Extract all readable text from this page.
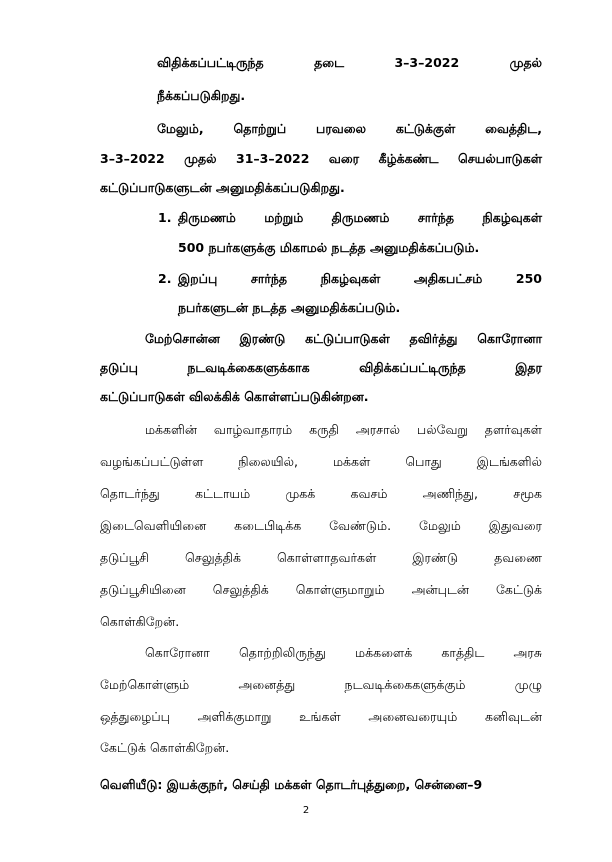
விதிக்கப்பட்டிருந்த தடை 3–3–2022 முதல்
நீக்கப்படுகிறது.
மேலும், தொற்றுப் பரவலை கட்டுக்குள் வைத்திட,
3–3–2022 முதல் 31–3–2022 வரை கீழ்க்கண்ட செயல்பாடுகள்
கட்டுப்பாடுகளுடன் அனுமதிக்கப்படுகிறது.
1. திருமணம் மற்றும் திருமணம் சார்ந்த நிகழ்வுகள்
500 நபர்களுக்கு மிகாமல் நடத்த அனுமதிக்கப்படும்.
2. இறப்பு சார்ந்த நிகழ்வுகள் அதிகபட்சம் 250
நபர்களுடன் நடத்த அனுமதிக்கப்படும்.
மேற்சொன்ன இரண்டு கட்டுப்பாடுகள் தவிர்த்து கொரோனா
தடுப்பு நடவடிக்கைகளுக்காக விதிக்கப்பட்டிருந்த இதர
கட்டுப்பாடுகள் விலக்கிக் கொள்ளப்படுகின்றன.
மக்களின் வாழ்வாதாரம் கருதி அரசால் பல்வேறு தளர்வுகள்
வழங்கப்பட்டுள்ள நிலையில், மக்கள் பொது இடங்களில்
தொடர்ந்து கட்டாயம் முகக் கவசம் அணிந்து, சமூக
இடைவெளியினை கடைபிடிக்க வேண்டும். மேலும் இதுவரை
தடுப்பூசி செலுத்திக் கொள்ளாதவர்கள் இரண்டு தவணை
தடுப்பூசியினை செலுத்திக் கொள்ளுமாறும் அன்புடன் கேட்டுக்
கொள்கிறேன்.
கொரோனா தொற்றிலிருந்து மக்களைக் காத்திட அரசு
மேற்கொள்ளும் அனைத்து நடவடிக்கைகளுக்கும் முழு
ஒத்துழைப்பு அளிக்குமாறு உங்கள் அனைவரையும் கனிவுடன்
கேட்டுக் கொள்கிறேன்.
வெளியீடு: இயக்குநர், செய்தி மக்கள் தொடர்புத்துறை, சென்னை–9
2
